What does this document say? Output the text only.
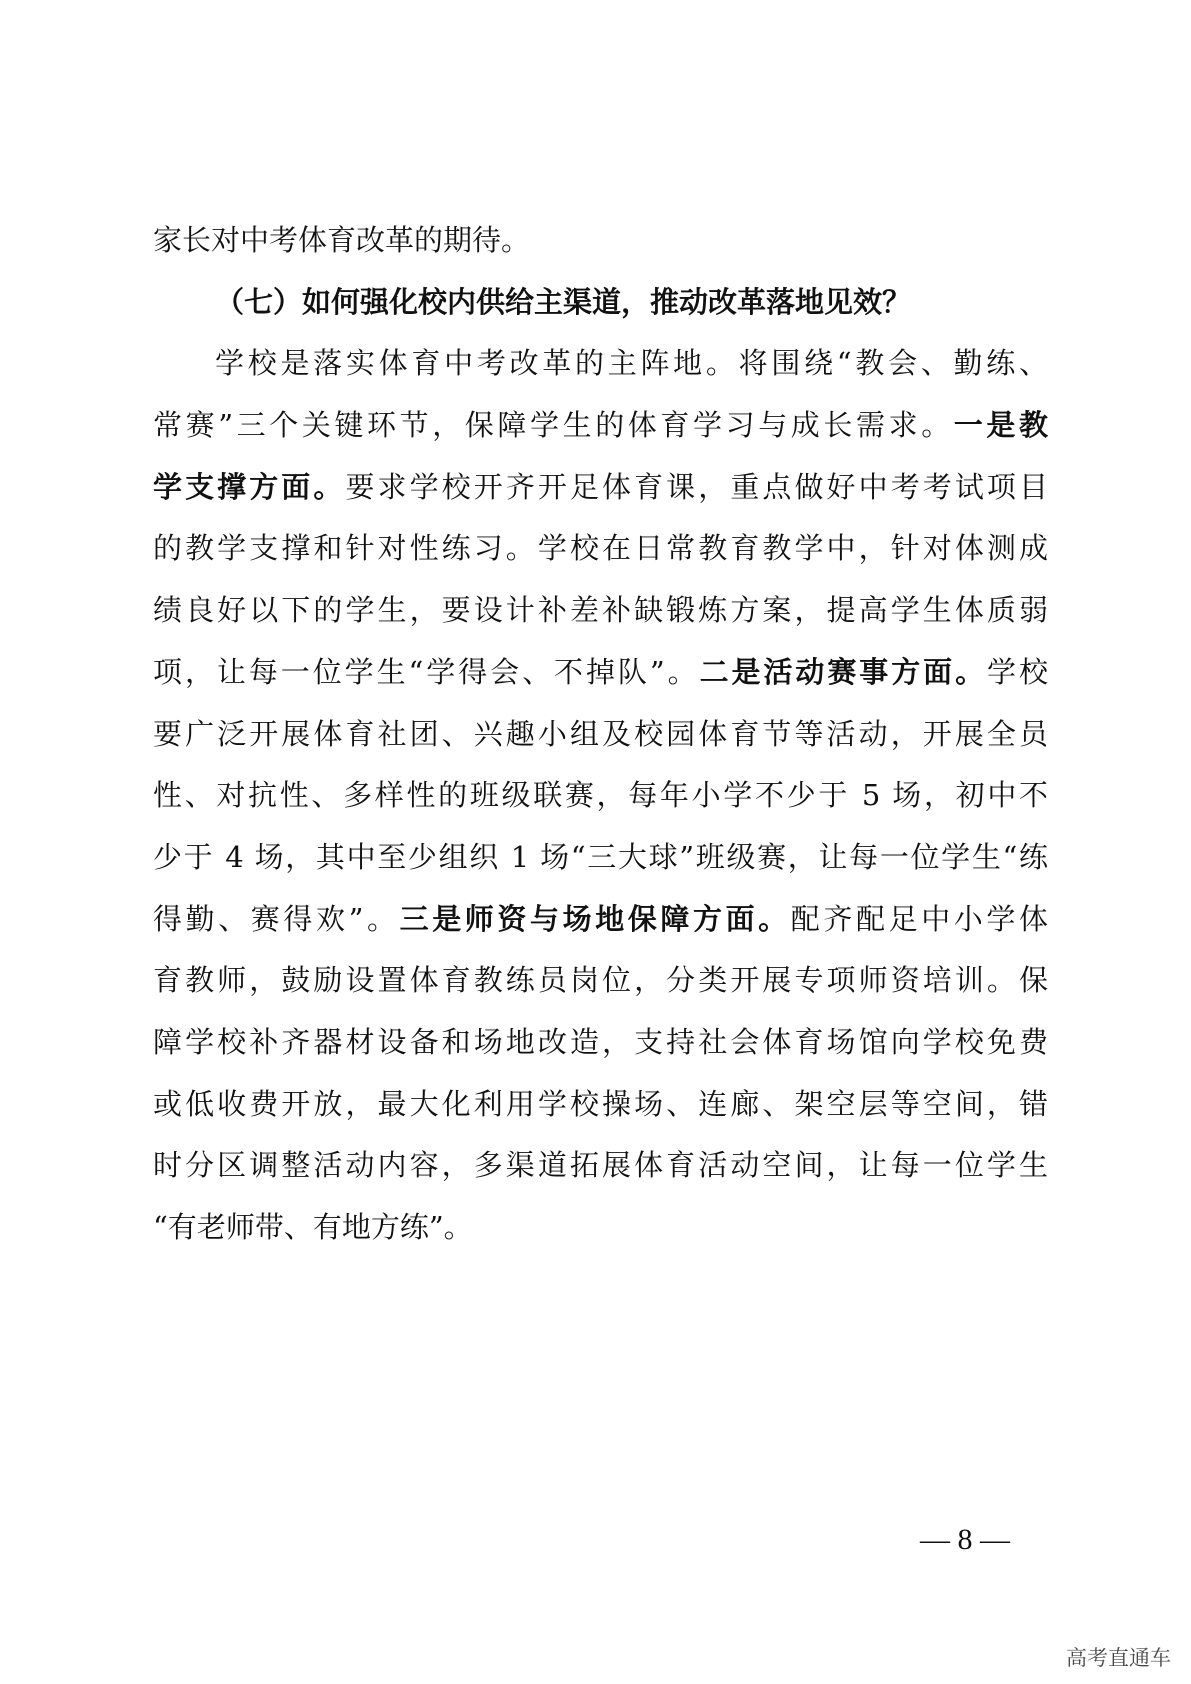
家长对中考体育改革的期待。
（七）如何强化校内供给主渠道，推动改革落地见效？
学校是落实体育中考改革的主阵地。将围绕“教会、勤练、
常赛”三个关键环节，保障学生的体育学习与成长需求。一是教
学支撑方面。要求学校开齐开足体育课，重点做好中考考试项目
的教学支撑和针对性练习。学校在日常教育教学中，针对体测成
绩良好以下的学生，要设计补差补缺锻炼方案，提高学生体质弱
项，让每一位学生“学得会、不掉队”。二是活动赛事方面。学校
要广泛开展体育社团、兴趣小组及校园体育节等活动，开展全员
性、对抗性、多样性的班级联赛，每年小学不少于 5 场，初中不
少于 4 场，其中至少组织 1 场“三大球”班级赛，让每一位学生“练
得勤、赛得欢”。三是师资与场地保障方面。配齐配足中小学体
育教师，鼓励设置体育教练员岗位，分类开展专项师资培训。保
障学校补齐器材设备和场地改造，支持社会体育场馆向学校免费
或低收费开放，最大化利用学校操场、连廊、架空层等空间，错
时分区调整活动内容，多渠道拓展体育活动空间，让每一位学生
“有老师带、有地方练”。
— 8 —
高考直通车
